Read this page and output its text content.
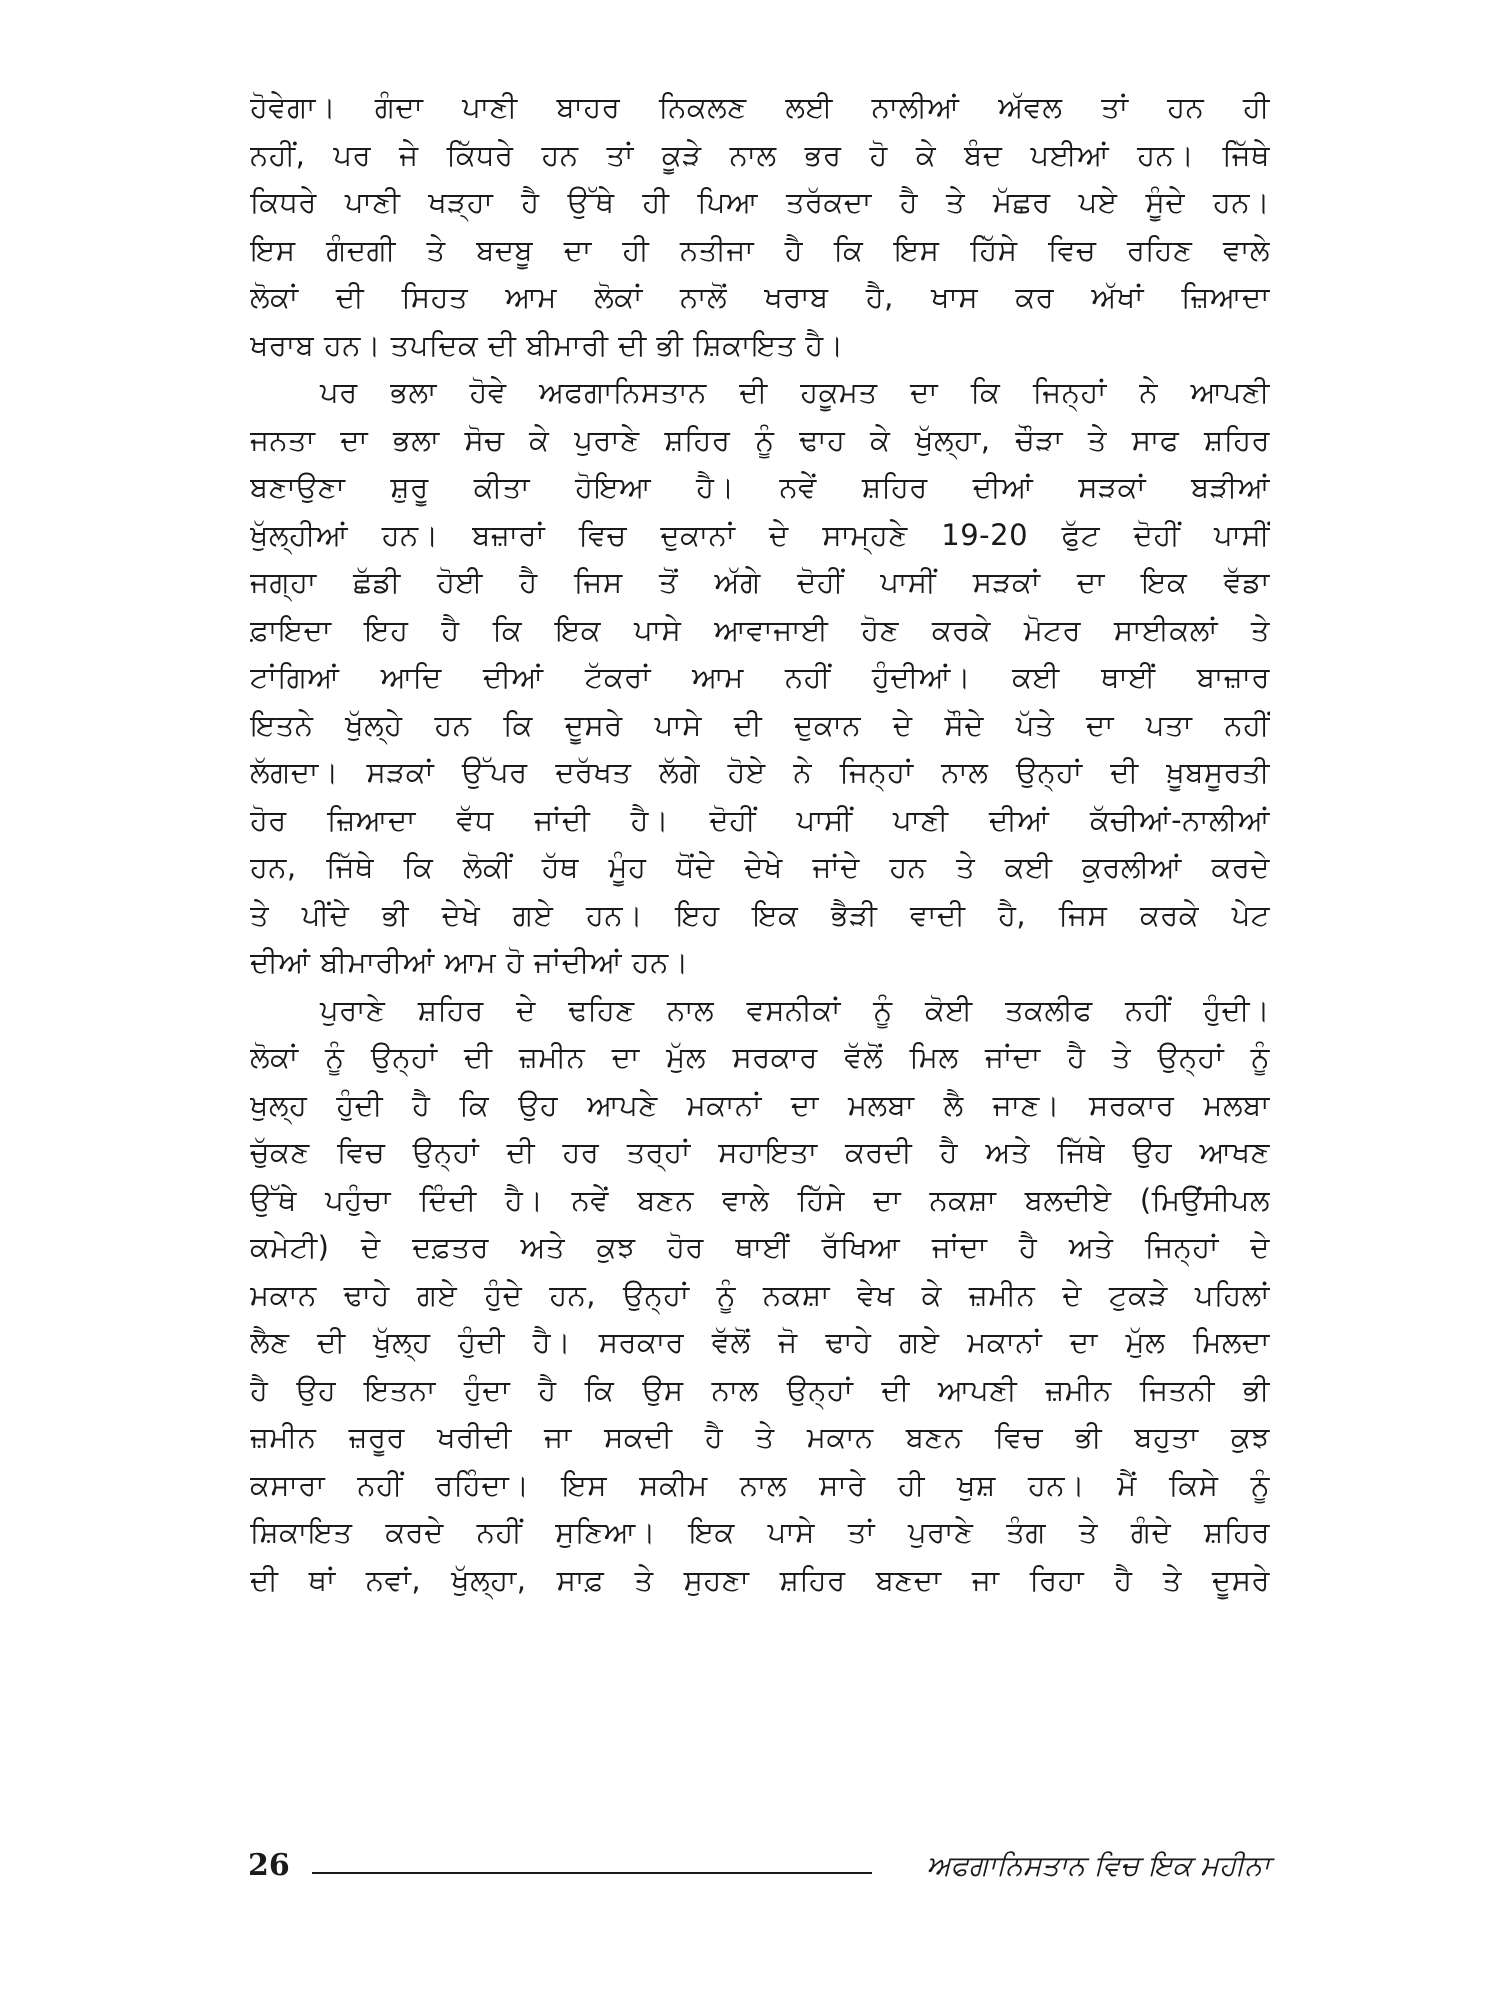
ਹੋਵੇਗਾ। ਗੰਦਾ ਪਾਣੀ ਬਾਹਰ ਨਿਕਲਣ ਲਈ ਨਾਲੀਆਂ ਅੱਵਲ ਤਾਂ ਹਨ ਹੀ
ਨਹੀਂ, ਪਰ ਜੇ ਕਿੱਧਰੇ ਹਨ ਤਾਂ ਕੂੜੇ ਨਾਲ ਭਰ ਹੋ ਕੇ ਬੰਦ ਪਈਆਂ ਹਨ। ਜਿੱਥੇ
ਕਿਧਰੇ ਪਾਣੀ ਖੜ੍ਹਾ ਹੈ ਉੱਥੇ ਹੀ ਪਿਆ ਤਰੱਕਦਾ ਹੈ ਤੇ ਮੱਛਰ ਪਏ ਸੂੰਦੇ ਹਨ।
ਇਸ ਗੰਦਗੀ ਤੇ ਬਦਬੂ ਦਾ ਹੀ ਨਤੀਜਾ ਹੈ ਕਿ ਇਸ ਹਿੱਸੇ ਵਿਚ ਰਹਿਣ ਵਾਲੇ
ਲੋਕਾਂ ਦੀ ਸਿਹਤ ਆਮ ਲੋਕਾਂ ਨਾਲੋਂ ਖਰਾਬ ਹੈ, ਖਾਸ ਕਰ ਅੱਖਾਂ ਜ਼ਿਆਦਾ
ਖਰਾਬ ਹਨ। ਤਪਦਿਕ ਦੀ ਬੀਮਾਰੀ ਦੀ ਭੀ ਸ਼ਿਕਾਇਤ ਹੈ।
ਪਰ ਭਲਾ ਹੋਵੇ ਅਫਗਾਨਿਸਤਾਨ ਦੀ ਹਕੂਮਤ ਦਾ ਕਿ ਜਿਨ੍ਹਾਂ ਨੇ ਆਪਣੀ
ਜਨਤਾ ਦਾ ਭਲਾ ਸੋਚ ਕੇ ਪੁਰਾਣੇ ਸ਼ਹਿਰ ਨੂੰ ਢਾਹ ਕੇ ਖੁੱਲ੍ਹਾ, ਚੌੜਾ ਤੇ ਸਾਫ ਸ਼ਹਿਰ
ਬਣਾਉਣਾ ਸ਼ੁਰੂ ਕੀਤਾ ਹੋਇਆ ਹੈ। ਨਵੇਂ ਸ਼ਹਿਰ ਦੀਆਂ ਸੜਕਾਂ ਬੜੀਆਂ
ਖੁੱਲ੍ਹੀਆਂ ਹਨ। ਬਜ਼ਾਰਾਂ ਵਿਚ ਦੁਕਾਨਾਂ ਦੇ ਸਾਮ੍ਹਣੇ 19-20 ਫੁੱਟ ਦੋਹੀਂ ਪਾਸੀਂ
ਜਗ੍ਹਾ ਛੱਡੀ ਹੋਈ ਹੈ ਜਿਸ ਤੋਂ ਅੱਗੇ ਦੋਹੀਂ ਪਾਸੀਂ ਸੜਕਾਂ ਦਾ ਇਕ ਵੱਡਾ
ਫ਼ਾਇਦਾ ਇਹ ਹੈ ਕਿ ਇਕ ਪਾਸੇ ਆਵਾਜਾਈ ਹੋਣ ਕਰਕੇ ਮੋਟਰ ਸਾਈਕਲਾਂ ਤੇ
ਟਾਂਗਿਆਂ ਆਦਿ ਦੀਆਂ ਟੱਕਰਾਂ ਆਮ ਨਹੀਂ ਹੁੰਦੀਆਂ। ਕਈ ਥਾਈਂ ਬਾਜ਼ਾਰ
ਇਤਨੇ ਖੁੱਲ੍ਹੇ ਹਨ ਕਿ ਦੂਸਰੇ ਪਾਸੇ ਦੀ ਦੁਕਾਨ ਦੇ ਸੌਦੇ ਪੱਤੇ ਦਾ ਪਤਾ ਨਹੀਂ
ਲੱਗਦਾ। ਸੜਕਾਂ ਉੱਪਰ ਦਰੱਖਤ ਲੱਗੇ ਹੋਏ ਨੇ ਜਿਨ੍ਹਾਂ ਨਾਲ ਉਨ੍ਹਾਂ ਦੀ ਖ਼ੂਬਸੂਰਤੀ
ਹੋਰ ਜ਼ਿਆਦਾ ਵੱਧ ਜਾਂਦੀ ਹੈ। ਦੋਹੀਂ ਪਾਸੀਂ ਪਾਣੀ ਦੀਆਂ ਕੱਚੀਆਂ-ਨਾਲੀਆਂ
ਹਨ, ਜਿੱਥੇ ਕਿ ਲੋਕੀਂ ਹੱਥ ਮੂੰਹ ਧੋਂਦੇ ਦੇਖੇ ਜਾਂਦੇ ਹਨ ਤੇ ਕਈ ਕੁਰਲੀਆਂ ਕਰਦੇ
ਤੇ ਪੀਂਦੇ ਭੀ ਦੇਖੇ ਗਏ ਹਨ। ਇਹ ਇਕ ਭੈੜੀ ਵਾਦੀ ਹੈ, ਜਿਸ ਕਰਕੇ ਪੇਟ
ਦੀਆਂ ਬੀਮਾਰੀਆਂ ਆਮ ਹੋ ਜਾਂਦੀਆਂ ਹਨ।
ਪੁਰਾਣੇ ਸ਼ਹਿਰ ਦੇ ਢਹਿਣ ਨਾਲ ਵਸਨੀਕਾਂ ਨੂੰ ਕੋਈ ਤਕਲੀਫ ਨਹੀਂ ਹੁੰਦੀ।
ਲੋਕਾਂ ਨੂੰ ਉਨ੍ਹਾਂ ਦੀ ਜ਼ਮੀਨ ਦਾ ਮੁੱਲ ਸਰਕਾਰ ਵੱਲੋਂ ਮਿਲ ਜਾਂਦਾ ਹੈ ਤੇ ਉਨ੍ਹਾਂ ਨੂੰ
ਖੁਲ੍ਹ ਹੁੰਦੀ ਹੈ ਕਿ ਉਹ ਆਪਣੇ ਮਕਾਨਾਂ ਦਾ ਮਲਬਾ ਲੈ ਜਾਣ। ਸਰਕਾਰ ਮਲਬਾ
ਚੁੱਕਣ ਵਿਚ ਉਨ੍ਹਾਂ ਦੀ ਹਰ ਤਰ੍ਹਾਂ ਸਹਾਇਤਾ ਕਰਦੀ ਹੈ ਅਤੇ ਜਿੱਥੇ ਉਹ ਆਖਣ
ਉੱਥੇ ਪਹੁੰਚਾ ਦਿੰਦੀ ਹੈ। ਨਵੇਂ ਬਣਨ ਵਾਲੇ ਹਿੱਸੇ ਦਾ ਨਕਸ਼ਾ ਬਲਦੀਏ (ਮਿਉਂਸੀਪਲ
ਕਮੇਟੀ) ਦੇ ਦਫ਼ਤਰ ਅਤੇ ਕੁਝ ਹੋਰ ਥਾਈਂ ਰੱਖਿਆ ਜਾਂਦਾ ਹੈ ਅਤੇ ਜਿਨ੍ਹਾਂ ਦੇ
ਮਕਾਨ ਢਾਹੇ ਗਏ ਹੁੰਦੇ ਹਨ, ਉਨ੍ਹਾਂ ਨੂੰ ਨਕਸ਼ਾ ਵੇਖ ਕੇ ਜ਼ਮੀਨ ਦੇ ਟੁਕੜੇ ਪਹਿਲਾਂ
ਲੈਣ ਦੀ ਖੁੱਲ੍ਹ ਹੁੰਦੀ ਹੈ। ਸਰਕਾਰ ਵੱਲੋਂ ਜੋ ਢਾਹੇ ਗਏ ਮਕਾਨਾਂ ਦਾ ਮੁੱਲ ਮਿਲਦਾ
ਹੈ ਉਹ ਇਤਨਾ ਹੁੰਦਾ ਹੈ ਕਿ ਉਸ ਨਾਲ ਉਨ੍ਹਾਂ ਦੀ ਆਪਣੀ ਜ਼ਮੀਨ ਜਿਤਨੀ ਭੀ
ਜ਼ਮੀਨ ਜ਼ਰੂਰ ਖਰੀਦੀ ਜਾ ਸਕਦੀ ਹੈ ਤੇ ਮਕਾਨ ਬਣਨ ਵਿਚ ਭੀ ਬਹੁਤਾ ਕੁਝ
ਕਸਾਰਾ ਨਹੀਂ ਰਹਿੰਦਾ। ਇਸ ਸਕੀਮ ਨਾਲ ਸਾਰੇ ਹੀ ਖੁਸ਼ ਹਨ। ਮੈਂ ਕਿਸੇ ਨੂੰ
ਸ਼ਿਕਾਇਤ ਕਰਦੇ ਨਹੀਂ ਸੁਣਿਆ। ਇਕ ਪਾਸੇ ਤਾਂ ਪੁਰਾਣੇ ਤੰਗ ਤੇ ਗੰਦੇ ਸ਼ਹਿਰ
ਦੀ ਥਾਂ ਨਵਾਂ, ਖੁੱਲ੍ਹਾ, ਸਾਫ਼ ਤੇ ਸੁਹਣਾ ਸ਼ਹਿਰ ਬਣਦਾ ਜਾ ਰਿਹਾ ਹੈ ਤੇ ਦੂਸਰੇ
26	ਅਫਗਾਨਿਸਤਾਨ ਵਿਚ ਇਕ ਮਹੀਨਾ
